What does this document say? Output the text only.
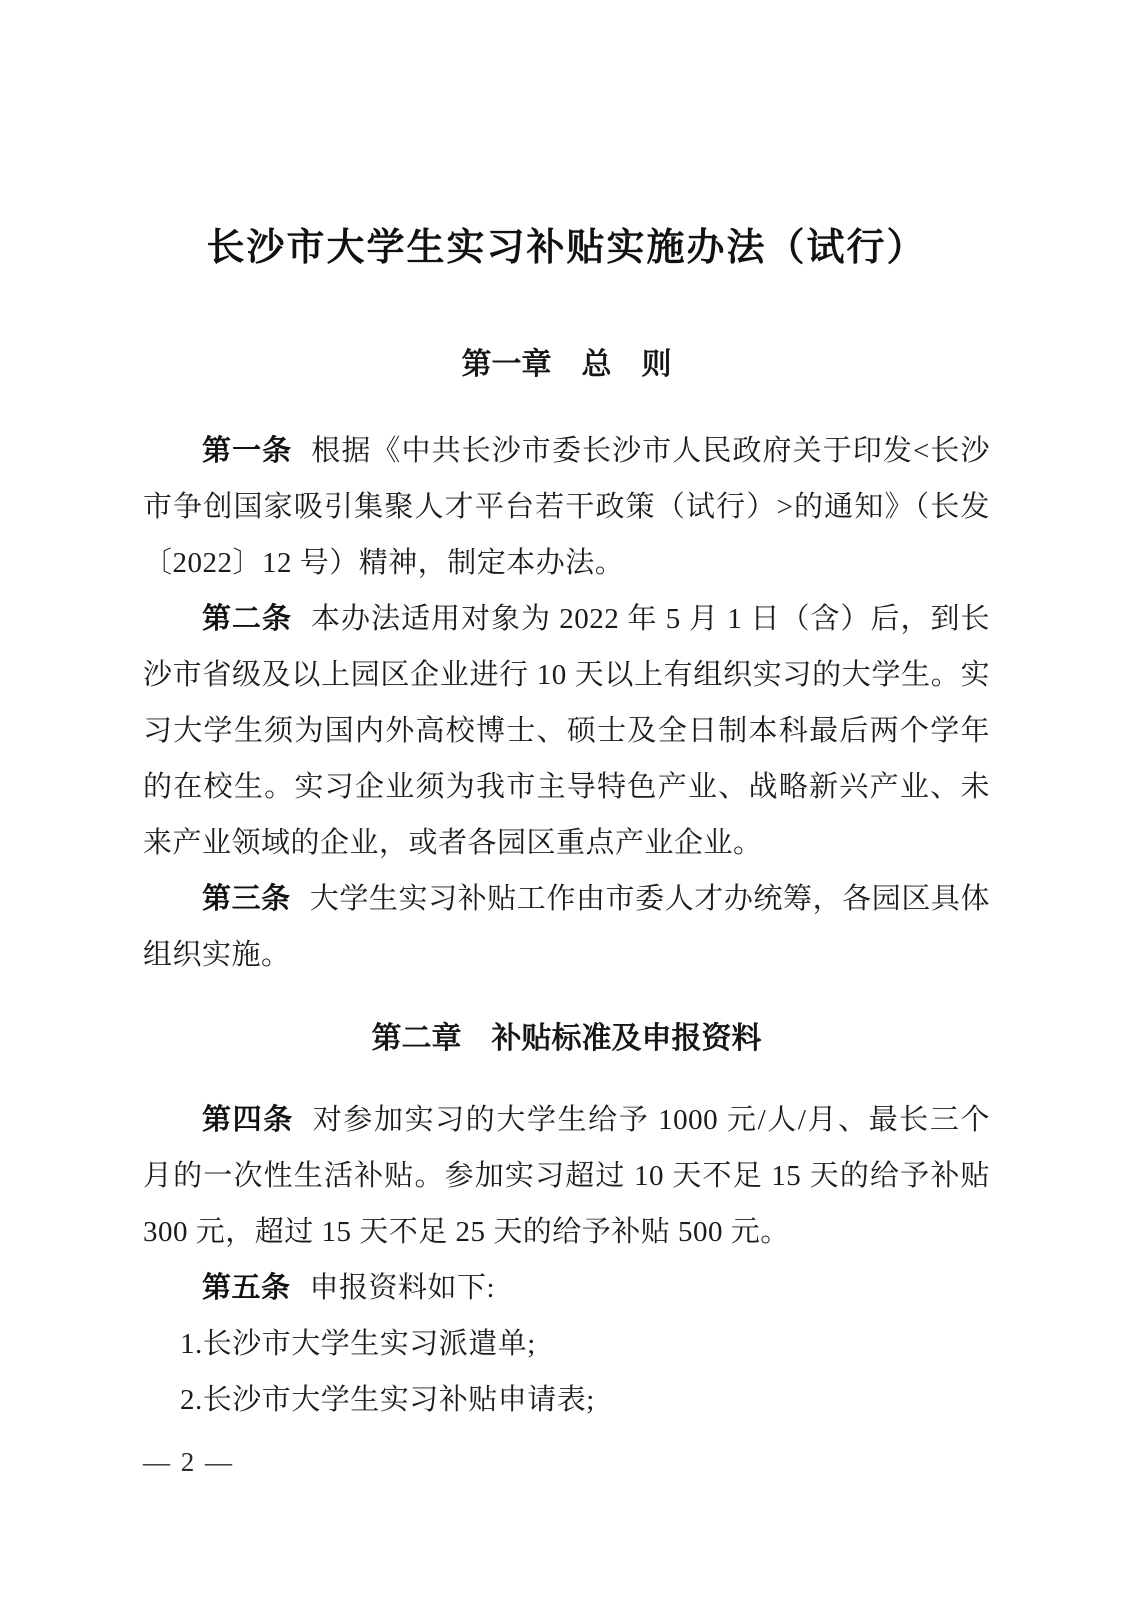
长沙市大学生实习补贴实施办法（试行）
第一章　总　则

第一条 根据《中共长沙市委长沙市人民政府关于印发<长沙市争创国家吸引集聚人才平台若干政策（试行）>的通知》（长发〔2022〕12 号）精神，制定本办法。

第二条 本办法适用对象为 2022 年 5 月 1 日（含）后，到长沙市省级及以上园区企业进行 10 天以上有组织实习的大学生。实习大学生须为国内外高校博士、硕士及全日制本科最后两个学年的在校生。实习企业须为我市主导特色产业、战略新兴产业、未来产业领域的企业，或者各园区重点产业企业。

第三条 大学生实习补贴工作由市委人才办统筹，各园区具体组织实施。

第二章　补贴标准及申报资料

第四条 对参加实习的大学生给予 1000 元/人/月、最长三个月的一次性生活补贴。参加实习超过 10 天不足 15 天的给予补贴 300 元，超过 15 天不足 25 天的给予补贴 500 元。

第五条 申报资料如下:

1.长沙市大学生实习派遣单;

2.长沙市大学生实习补贴申请表;

— 2 —
